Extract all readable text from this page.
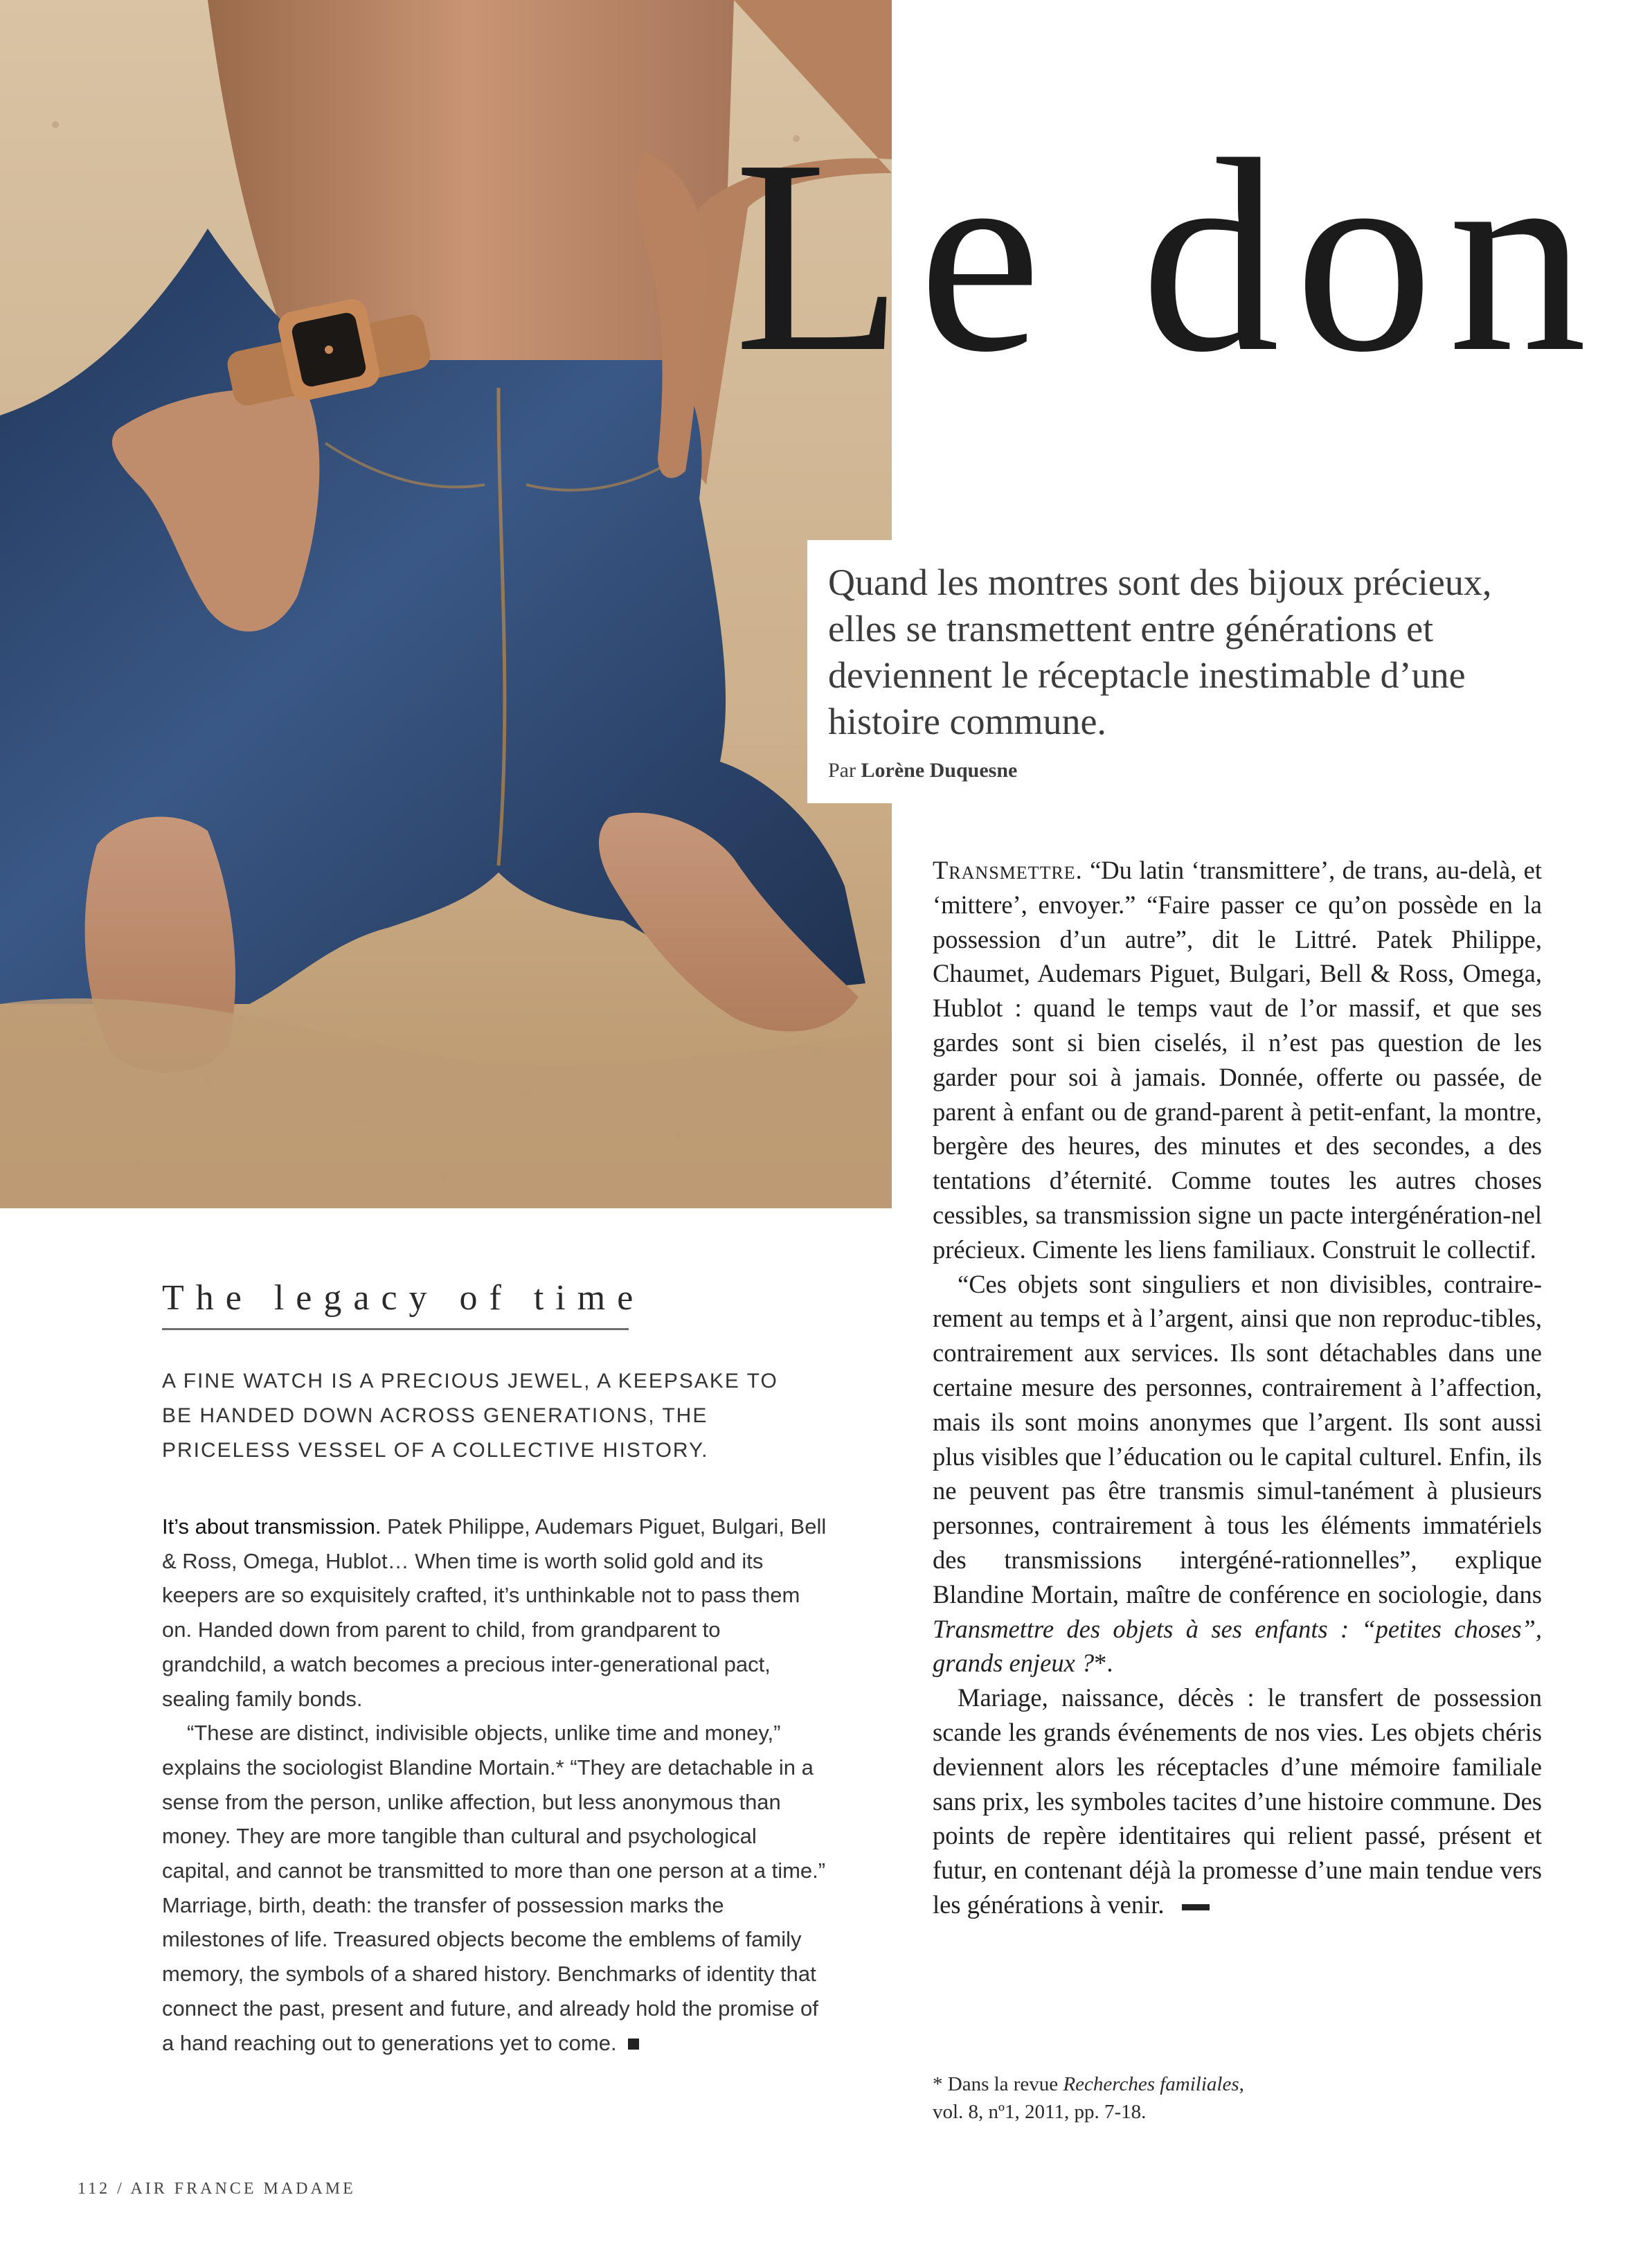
Le don

Quand les montres sont des bijoux précieux, elles se transmettent entre générations et deviennent le réceptacle inestimable d’une histoire commune.

Par Lorène Duquesne

Transmettre. “Du latin ‘transmittere’, de trans, au-delà, et ‘mittere’, envoyer.” “Faire passer ce qu’on possède en la possession d’un autre”, dit le Littré. Patek Philippe, Chaumet, Audemars Piguet, Bulgari, Bell & Ross, Omega, Hublot : quand le temps vaut de l’or massif, et que ses gardes sont si bien ciselés, il n’est pas question de les garder pour soi à jamais. Donnée, offerte ou passée, de parent à enfant ou de grand-parent à petit-enfant, la montre, bergère des heures, des minutes et des secondes, a des tentations d’éternité. Comme toutes les autres choses cessibles, sa transmission signe un pacte intergénération-nel précieux. Cimente les liens familiaux. Construit le collectif.

“Ces objets sont singuliers et non divisibles, contraire-rement au temps et à l’argent, ainsi que non reproduc-tibles, contrairement aux services. Ils sont détachables dans une certaine mesure des personnes, contrairement à l’affection, mais ils sont moins anonymes que l’argent. Ils sont aussi plus visibles que l’éducation ou le capital culturel. Enfin, ils ne peuvent pas être transmis simul-tanément à plusieurs personnes, contrairement à tous les éléments immatériels des transmissions intergéné-rationnelles”, explique Blandine Mortain, maître de conférence en sociologie, dans Transmettre des objets à ses enfants : “petites choses”, grands enjeux ?*.

Mariage, naissance, décès : le transfert de possession scande les grands événements de nos vies. Les objets chéris deviennent alors les réceptacles d’une mémoire familiale sans prix, les symboles tacites d’une histoire commune. Des points de repère identitaires qui relient passé, présent et futur, en contenant déjà la promesse d’une main tendue vers les générations à venir.

* Dans la revue Recherches familiales,

vol. 8, nº1, 2011, pp. 7-18.

The legacy of time

A FINE WATCH IS A PRECIOUS JEWEL, A KEEPSAKE TO BE HANDED DOWN ACROSS GENERATIONS, THE PRICELESS VESSEL OF A COLLECTIVE HISTORY.

It’s about transmission. Patek Philippe, Audemars Piguet, Bulgari, Bell & Ross, Omega, Hublot… When time is worth solid gold and its keepers are so exquisitely crafted, it’s unthinkable not to pass them on. Handed down from parent to child, from grandparent to grandchild, a watch becomes a precious inter-generational pact, sealing family bonds.

“These are distinct, indivisible objects, unlike time and money,” explains the sociologist Blandine Mortain.* “They are detachable in a sense from the person, unlike affection, but less anonymous than money. They are more tangible than cultural and psychological capital, and cannot be transmitted to more than one person at a time.” Marriage, birth, death: the transfer of possession marks the milestones of life. Treasured objects become the emblems of family memory, the symbols of a shared history. Benchmarks of identity that connect the past, present and future, and already hold the promise of a hand reaching out to generations yet to come.

112 / AIR FRANCE MADAME
